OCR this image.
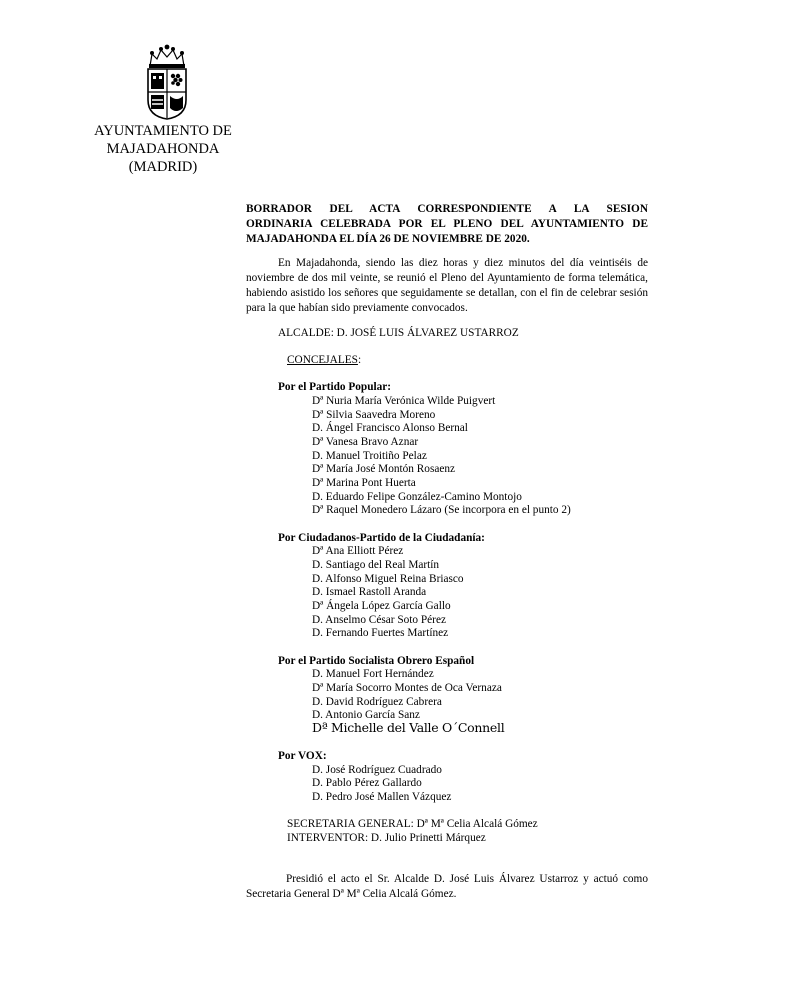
AYUNTAMIENTO DE
MAJADAHONDA
(MADRID)
BORRADOR DEL ACTA CORRESPONDIENTE A LA SESION
ORDINARIA CELEBRADA POR EL PLENO DEL AYUNTAMIENTO DE
MAJADAHONDA EL DÍA 26 DE NOVIEMBRE DE 2020.
En Majadahonda, siendo las diez horas y diez minutos del día veintiséis de noviembre de dos mil veinte, se reunió el Pleno del Ayuntamiento de forma telemática, habiendo asistido los señores que seguidamente se detallan, con el fin de celebrar sesión para la que habían sido previamente convocados.
ALCALDE: D. JOSÉ LUIS ÁLVAREZ USTARROZ
CONCEJALES:
Por el Partido Popular:
Dª Nuria María Verónica Wilde Puigvert
Dª Silvia Saavedra Moreno
D. Ángel Francisco Alonso Bernal
Dª Vanesa Bravo Aznar
D. Manuel Troitiño Pelaz
Dª María José Montón Rosaenz
Dª Marina Pont Huerta
D. Eduardo Felipe González-Camino Montojo
Dª Raquel Monedero Lázaro (Se incorpora en el punto 2)
Por Ciudadanos-Partido de la Ciudadanía:
Dª Ana Elliott Pérez
D. Santiago del Real Martín
D. Alfonso Miguel Reina Briasco
D. Ismael Rastoll Aranda
Dª Ángela López García Gallo
D. Anselmo César Soto Pérez
D. Fernando Fuertes Martínez
Por el Partido Socialista Obrero Español
D. Manuel Fort Hernández
Dª María Socorro Montes de Oca Vernaza
D. David Rodríguez Cabrera
D. Antonio García Sanz
Dª Michelle del Valle O´Connell
Por VOX:
D. José Rodríguez Cuadrado
D. Pablo Pérez Gallardo
D. Pedro José Mallen Vázquez
SECRETARIA GENERAL: Dª Mª Celia Alcalá Gómez
INTERVENTOR: D. Julio Prinetti Márquez
Presidió el acto el Sr. Alcalde D. José Luis Álvarez Ustarroz y actuó como Secretaria General Dª Mª Celia Alcalá Gómez.
